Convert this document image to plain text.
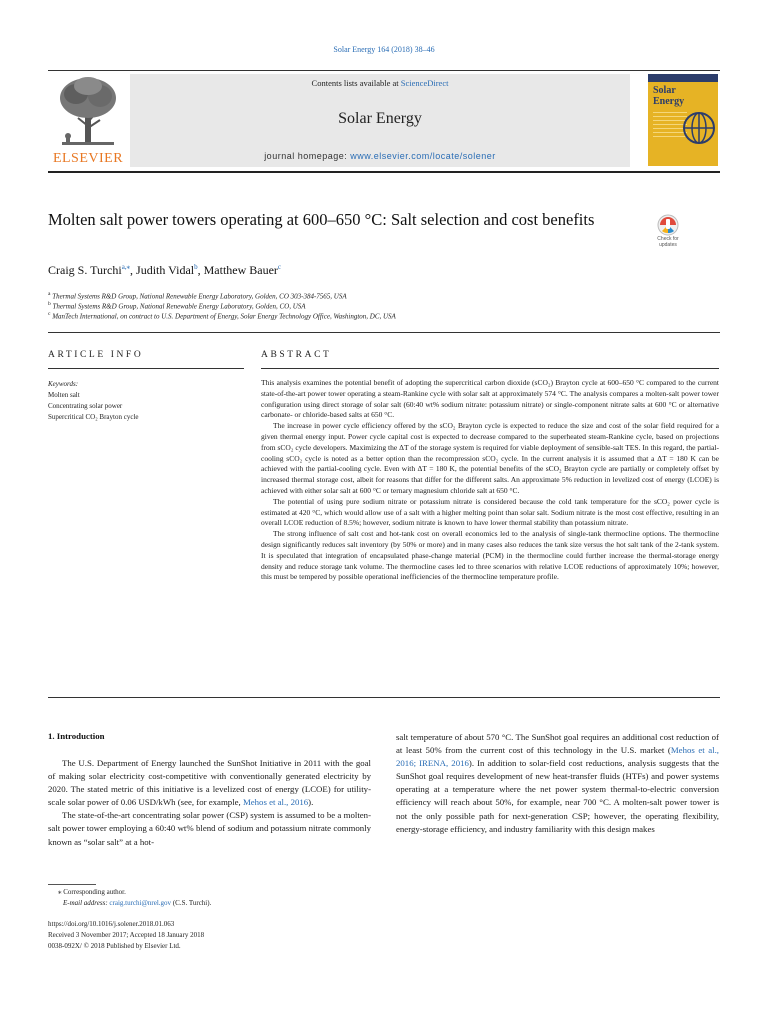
Solar Energy 164 (2018) 38–46
ELSEVIER
Contents lists available at ScienceDirect
Solar Energy
journal homepage: www.elsevier.com/locate/solener
Solar
Energy
Molten salt power towers operating at 600–650 °C: Salt selection and cost benefits
Check for updates
Craig S. Turchi$^{a,⁎}$, Judith Vidal$^b$, Matthew Bauer$^c$
$^a$ Thermal Systems R&D Group, National Renewable Energy Laboratory, Golden, CO 303-384-7565, USA
$^b$ Thermal Systems R&D Group, National Renewable Energy Laboratory, Golden, CO, USA
$^c$ ManTech International, on contract to U.S. Department of Energy, Solar Energy Technology Office, Washington, DC, USA
ARTICLE INFO
Keywords:
Molten salt
Concentrating solar power
Supercritical CO₂ Brayton cycle
ABSTRACT

This analysis examines the potential benefit of adopting the supercritical carbon dioxide (sCO₂) Brayton cycle at 600–650 °C compared to the current state-of-the-art power tower operating a steam-Rankine cycle with solar salt at approximately 574 °C. The analysis compares a molten-salt power tower configuration using direct storage of solar salt (60:40 wt% sodium nitrate: potassium nitrate) or single-component nitrate salts at 600 °C or alternative carbonate- or chloride-based salts at 650 °C.

The increase in power cycle efficiency offered by the sCO₂ Brayton cycle is expected to reduce the size and cost of the solar field required for a given thermal energy input. Power cycle capital cost is expected to decrease compared to the superheated steam-Rankine cycle, based on projections from sCO₂ cycle developers. Maximizing the ΔT of the storage system is required for viable deployment of sensible-salt TES. In this regard, the partial-cooling sCO₂ cycle is noted as a better option than the recompression sCO₂ cycle. In the current analysis it is assumed that a ΔT = 180 K can be achieved with the partial-cooling cycle. Even with ΔT = 180 K, the potential benefits of the sCO₂ Brayton cycle are partially or completely offset by increased thermal storage cost, albeit for reasons that differ for the different salts. An approximate 5% reduction in levelized cost of energy (LCOE) is achieved with either solar salt at 600 °C or ternary magnesium chloride salt at 650 °C.

The potential of using pure sodium nitrate or potassium nitrate is considered because the cold tank temperature for the sCO₂ power cycle is estimated at 420 °C, which would allow use of a salt with a higher melting point than solar salt. Sodium nitrate is the most cost effective, resulting in an overall LCOE reduction of 8.5%; however, sodium nitrate is known to have lower thermal stability than potassium nitrate.

The strong influence of salt cost and hot-tank cost on overall economics led to the analysis of single-tank thermocline options. The thermocline design significantly reduces salt inventory (by 50% or more) and in many cases also reduces the tank size versus the hot salt tank of the 2-tank system. It is speculated that integration of encapsulated phase-change material (PCM) in the thermocline could further increase the thermal-storage energy density and reduce storage tank volume. The thermocline cases led to three scenarios with relative LCOE reductions of approximately 10%; however, this must be tempered by possible operational inefficiencies of the thermocline temperature profile.

1. Introduction

The U.S. Department of Energy launched the SunShot Initiative in 2011 with the goal of making solar electricity cost-competitive with conventionally generated electricity by 2020. The stated metric of this initiative is a levelized cost of energy (LCOE) for utility-scale solar power of 0.06 USD/kWh (see, for example, Mehos et al., 2016).

The state-of-the-art concentrating solar power (CSP) system is assumed to be a molten-salt power tower employing a 60:40 wt% blend of sodium and potassium nitrate commonly known as “solar salt” at a hot-

salt temperature of about 570 °C. The SunShot goal requires an additional cost reduction of at least 50% from the current cost of this technology in the U.S. market (Mehos et al., 2016; IRENA, 2016). In addition to solar-field cost reductions, analysis suggests that the SunShot goal requires development of new heat-transfer fluids (HTFs) and power systems operating at a temperature where the net power system thermal-to-electric conversion efficiency will reach about 50%, for example, near 700 °C. A molten-salt power tower is not the only possible path for next-generation CSP; however, the operating flexibility, energy-storage efficiency, and industry familiarity with this design makes

⁎ Corresponding author.
E-mail address: craig.turchi@nrel.gov (C.S. Turchi).
https://doi.org/10.1016/j.solener.2018.01.063
Received 3 November 2017; Accepted 18 January 2018
0038-092X/ © 2018 Published by Elsevier Ltd.
